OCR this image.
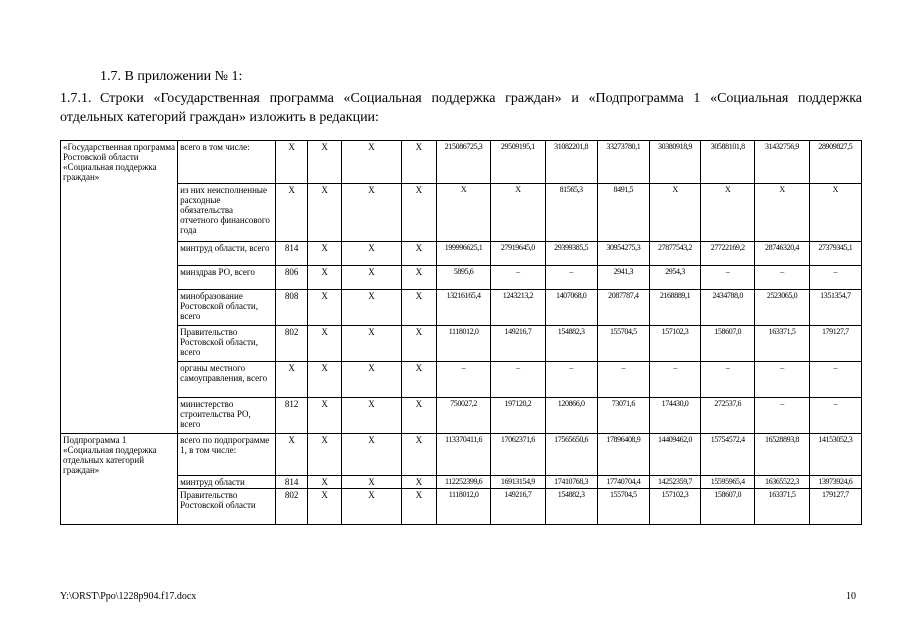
1.7. В приложении № 1:
1.7.1. Строки «Государственная программа «Социальная поддержка граждан» и «Подпрограмма 1 «Социальная поддержка отдельных категорий граждан» изложить в редакции:
«Государственная программа Ростовской области «Социальная поддержка граждан»	всего в том числе:	X	X	X	X	215086725,3	29509195,1	31082201,8	33273780,1	30380918,9	30588101,8	31432756,9	28909827,5
	из них неисполненные расходные обязательства отчетного финансового года	X	X	X	X	X	X	81565,3	8491,5	X	X	X	X
	минтруд области, всего	814	X	X	X	199996625,1	27919645,0	29399385,5	30954275,3	27877543,2	27722169,2	28746320,4	27379345,1
	минздрав РО, всего	806	X	X	X	5895,6	–	–	2941,3	2954,3	–	–	–
	минобразование Ростовской области, всего	808	X	X	X	13216165,4	1243213,2	1407068,0	2087787,4	2168889,1	2434788,0	2523065,0	1351354,7
	Правительство Ростовской области, всего	802	X	X	X	1118012,0	149216,7	154882,3	155704,5	157102,3	158607,0	163371,5	179127,7
	органы местного самоуправления, всего	X	X	X	X	–	–	–	–	–	–	–	–
	министерство строительства РО, всего	812	X	X	X	750027,2	197120,2	120866,0	73071,6	174430,0	272537,6	–	–
Подпрограмма 1 «Социальная поддержка отдельных категорий граждан»	всего по подпрограмме 1, в том числе:	X	X	X	X	113370411,6	17062371,6	17565650,6	17896408,9	14409462,0	15754572,4	16528893,8	14153052,3
	минтруд области	814	X	X	X	112252399,6	16913154,9	17410768,3	17740704,4	14252359,7	15595965,4	16365522,3	13973924,6
	Правительство Ростовской области	802	X	X	X	1118012,0	149216,7	154882,3	155704,5	157102,3	158607,0	163371,5	179127,7
Y:\ORST\Ppo\1228p904.f17.docx	10
